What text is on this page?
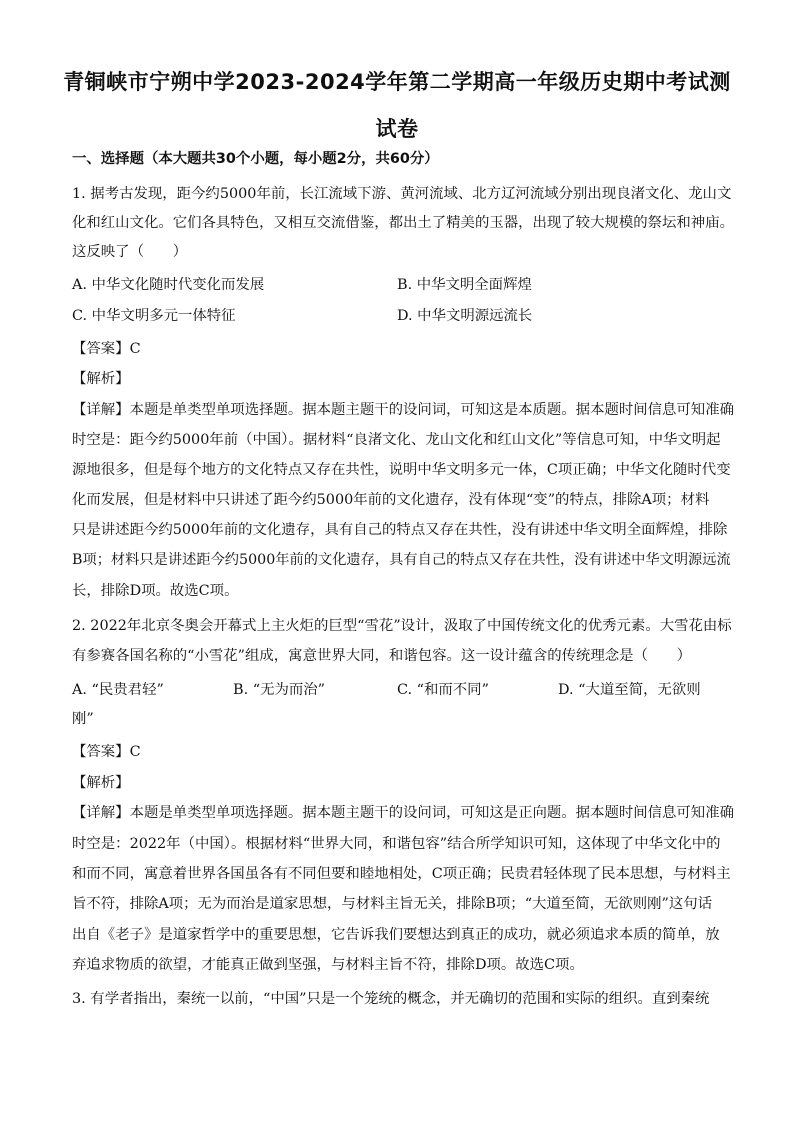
青铜峡市宁朔中学2023-2024学年第二学期高一年级历史期中考试测
试卷
一、选择题（本大题共30个小题，每小题2分，共60分）
1. 据考古发现，距今约5000年前，长江流域下游、黄河流域、北方辽河流域分别出现良渚文化、龙山文
化和红山文化。它们各具特色，又相互交流借鉴，都出土了精美的玉器，出现了较大规模的祭坛和神庙。
这反映了（　　）
A. 中华文化随时代变化而发展	B. 中华文明全面辉煌
C. 中华文明多元一体特征	D. 中华文明源远流长
【答案】C
【解析】
【详解】本题是单类型单项选择题。据本题主题干的设问词，可知这是本质题。据本题时间信息可知准确
时空是：距今约5000年前（中国）。据材料“良渚文化、龙山文化和红山文化”等信息可知，中华文明起
源地很多，但是每个地方的文化特点又存在共性，说明中华文明多元一体，C项正确；中华文化随时代变
化而发展，但是材料中只讲述了距今约5000年前的文化遗存，没有体现“变”的特点，排除A项；材料
只是讲述距今约5000年前的文化遗存，具有自己的特点又存在共性，没有讲述中华文明全面辉煌，排除
B项；材料只是讲述距今约5000年前的文化遗存，具有自己的特点又存在共性，没有讲述中华文明源远流
长，排除D项。故选C项。
2. 2022年北京冬奥会开幕式上主火炬的巨型“雪花”设计，汲取了中国传统文化的优秀元素。大雪花由标
有参赛各国名称的“小雪花”组成，寓意世界大同，和谐包容。这一设计蕴含的传统理念是（　　）
A. “民贵君轻”	B. “无为而治”	C. “和而不同”	D. “大道至简，无欲则
刚”
【答案】C
【解析】
【详解】本题是单类型单项选择题。据本题主题干的设问词，可知这是正向题。据本题时间信息可知准确
时空是：2022年（中国）。根据材料“世界大同，和谐包容”结合所学知识可知，这体现了中华文化中的
和而不同，寓意着世界各国虽各有不同但要和睦地相处，C项正确；民贵君轻体现了民本思想，与材料主
旨不符，排除A项；无为而治是道家思想，与材料主旨无关，排除B项；“大道至简，无欲则刚”这句话
出自《老子》是道家哲学中的重要思想，它告诉我们要想达到真正的成功，就必须追求本质的简单，放
弃追求物质的欲望，才能真正做到坚强，与材料主旨不符，排除D项。故选C项。
3. 有学者指出，秦统一以前，“中国”只是一个笼统的概念，并无确切的范围和实际的组织。直到秦统
